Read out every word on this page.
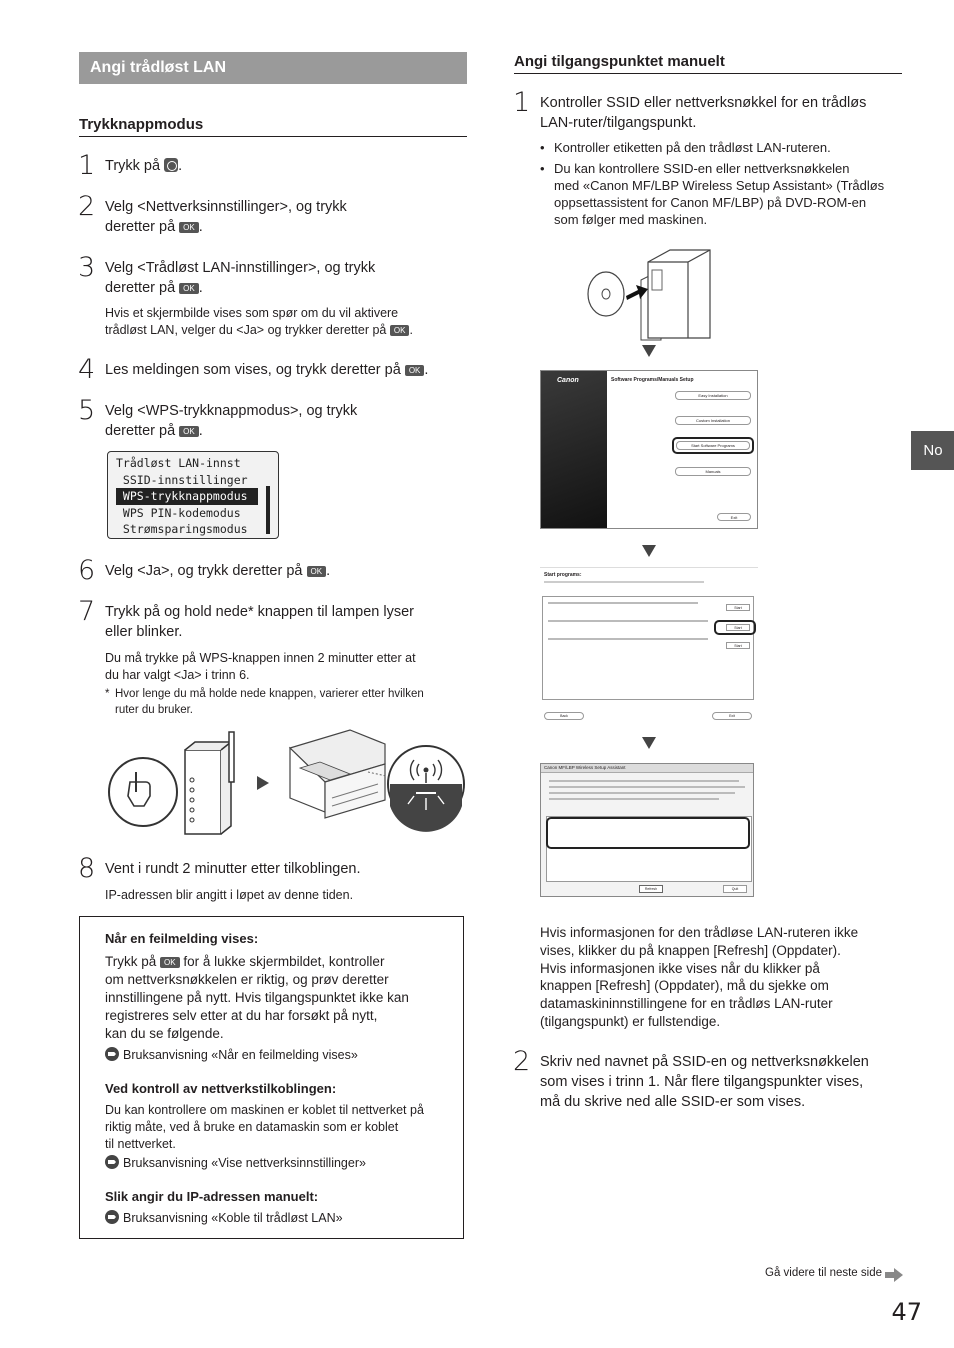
Angi trådløst LAN
Trykknappmodus
1 Trykk på .
2 Velg <Nettverksinnstillinger>, og trykk
deretter på OK .
3 Velg <Trådløst LAN-innstillinger>, og trykk
deretter på OK .
Hvis et skjermbilde vises som spør om du vil aktivere
trådløst LAN, velger du <Ja> og trykker deretter på OK .
4 Les meldingen som vises, og trykk deretter på OK .
5 Velg <WPS-trykknappmodus>, og trykk
deretter på OK .
Trådløst LAN-innst
SSID-innstillinger
WPS-trykknappmodus
WPS PIN-kodemodus
Strømsparingsmodus
6 Velg <Ja>, og trykk deretter på OK .
7 Trykk på og hold nede* knappen til lampen lyser
eller blinker.
Du må trykke på WPS-knappen innen 2 minutter etter at
du har valgt <Ja> i trinn 6.
* Hvor lenge du må holde nede knappen, varierer etter hvilken
ruter du bruker.
8 Vent i rundt 2 minutter etter tilkoblingen.
IP-adressen blir angitt i løpet av denne tiden.
Når en feilmelding vises:
Trykk på OK for å lukke skjermbildet, kontroller
om nettverksnøkkelen er riktig, og prøv deretter
innstillingene på nytt. Hvis tilgangspunktet ikke kan
registreres selv etter at du har forsøkt på nytt,
kan du se følgende.
Bruksanvisning «Når en feilmelding vises»
Ved kontroll av nettverkstilkoblingen:
Du kan kontrollere om maskinen er koblet til nettverket på
riktig måte, ved å bruke en datamaskin som er koblet
til nettverket.
Bruksanvisning «Vise nettverksinnstillinger»
Slik angir du IP-adressen manuelt:
Bruksanvisning «Koble til trådløst LAN»
Angi tilgangspunktet manuelt
1 Kontroller SSID eller nettverksnøkkel for en trådløs
LAN-ruter/tilgangspunkt.
• Kontroller etiketten på den trådløst LAN-ruteren.
• Du kan kontrollere SSID-en eller nettverksnøkkelen
med «Canon MF/LBP Wireless Setup Assistant» (Trådløs
oppsettassistent for Canon MF/LBP) på DVD-ROM-en
som følger med maskinen.
Canon	Software Programs/Manuals Setup
Easy Installation
Custom Installation
Start Software Programs
Manuals
Exit
Start programs:
Start
Start
Start
Back	Exit
Canon MF/LBP Wireless Setup Assistant
Refresh	Quit
Hvis informasjonen for den trådløse LAN-ruteren ikke
vises, klikker du på knappen [Refresh] (Oppdater).
Hvis informasjonen ikke vises når du klikker på
knappen [Refresh] (Oppdater), må du sjekke om
datamaskininnstillingene for en trådløs LAN-ruter
(tilgangspunkt) er fullstendige.
2 Skriv ned navnet på SSID-en og nettverksnøkkelen
som vises i trinn 1. Når flere tilgangspunkter vises,
må du skrive ned alle SSID-er som vises.
No
Gå videre til neste side
47
